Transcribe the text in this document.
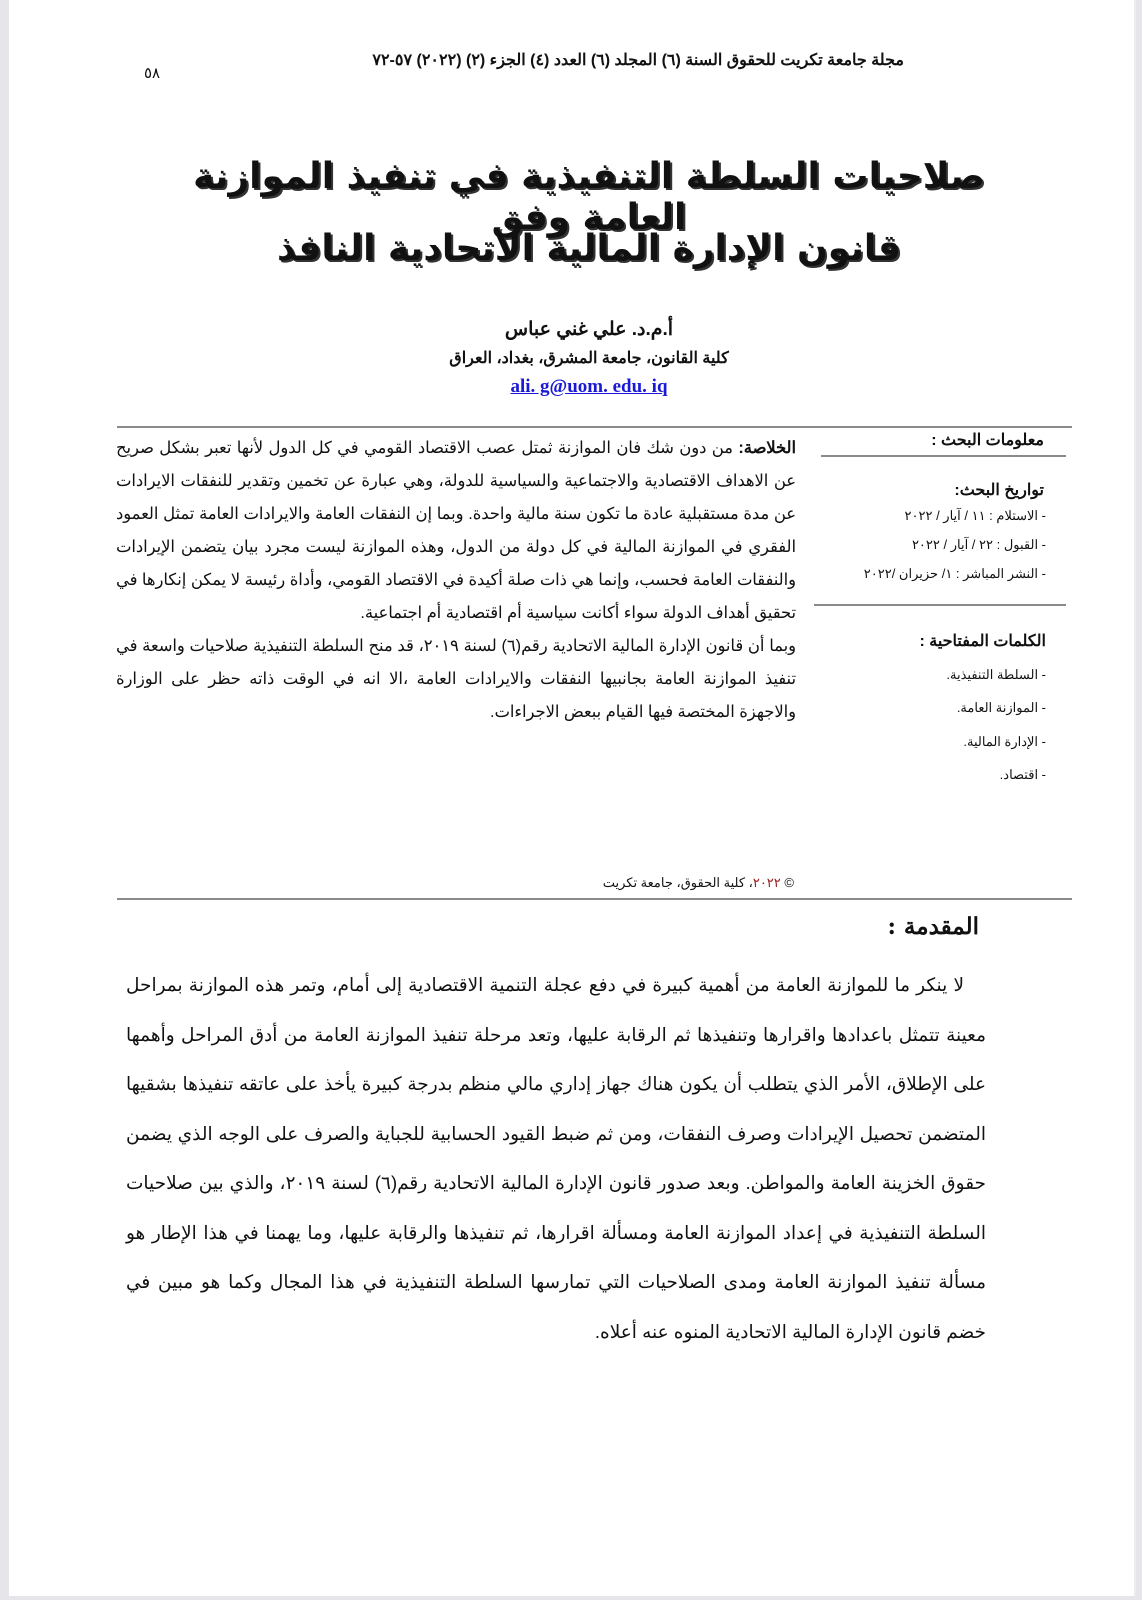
مجلة جامعة تكريت للحقوق السنة (٦) المجلد (٦) العدد (٤) الجزء (٢) (٢٠٢٢) ٥٧-٧٢
٥٨
صلاحيات السلطة التنفيذية في تنفيذ الموازنة العامة وفق
قانون الإدارة المالية الاتحادية النافذ
أ.م.د. علي غني عباس
كلية القانون، جامعة المشرق، بغداد، العراق
ali. g@uom. edu. iq
معلومات البحث :
تواريخ البحث:
- الاستلام : ١١ / آيار / ٢٠٢٢
- القبول : ٢٢ / آيار / ٢٠٢٢
- النشر المباشر : ١/ حزيران /٢٠٢٢
الكلمات المفتاحية :
- السلطة التنفيذية.
- الموازنة العامة.
- الإدارة المالية.
- اقتصاد.

الخلاصة: من دون شك فان الموازنة ثمتل عصب الاقتصاد القومي في كل الدول لأنها تعبر بشكل صريح عن الاهداف الاقتصادية والاجتماعية والسياسية للدولة، وهي عبارة عن تخمين وتقدير للنفقات الايرادات عن مدة مستقبلية عادة ما تكون سنة مالية واحدة. وبما إن النفقات العامة والايرادات العامة تمثل العمود الفقري في الموازنة المالية في كل دولة من الدول، وهذه الموازنة ليست مجرد بيان يتضمن الإيرادات والنفقات العامة فحسب، وإنما هي ذات صلة أكيدة في الاقتصاد القومي، وأداة رئيسة لا يمكن إنكارها في تحقيق أهداف الدولة سواء أكانت سياسية أم اقتصادية أم اجتماعية.

وبما أن قانون الإدارة المالية الاتحادية رقم(٦) لسنة ٢٠١٩، قد منح السلطة التنفيذية صلاحيات واسعة في تنفيذ الموازنة العامة بجانبيها النفقات والايرادات العامة ،الا انه في الوقت ذاته حظر على الوزارة والاجهزة المختصة فيها القيام ببعض الاجراءات.

© ٢٠٢٢، كلية الحقوق، جامعة تكريت
المقدمة :

لا ينكر ما للموازنة العامة من أهمية كبيرة في دفع عجلة التنمية الاقتصادية إلى أمام، وتمر هذه الموازنة بمراحل معينة تتمثل باعدادها واقرارها وتنفيذها ثم الرقابة عليها، وتعد مرحلة تنفيذ الموازنة العامة من أدق المراحل وأهمها على الإطلاق، الأمر الذي يتطلب أن يكون هناك جهاز إداري مالي منظم بدرجة كبيرة يأخذ على عاتقه تنفيذها بشقيها المتضمن تحصيل الإيرادات وصرف النفقات، ومن ثم ضبط القيود الحسابية للجباية والصرف على الوجه الذي يضمن حقوق الخزينة العامة والمواطن. وبعد صدور قانون الإدارة المالية الاتحادية رقم(٦) لسنة ٢٠١٩، والذي بين صلاحيات السلطة التنفيذية في إعداد الموازنة العامة ومسألة اقرارها، ثم تنفيذها والرقابة عليها، وما يهمنا في هذا الإطار هو مسألة تنفيذ الموازنة العامة ومدى الصلاحيات التي تمارسها السلطة التنفيذية في هذا المجال وكما هو مبين في خضم قانون الإدارة المالية الاتحادية المنوه عنه أعلاه.
